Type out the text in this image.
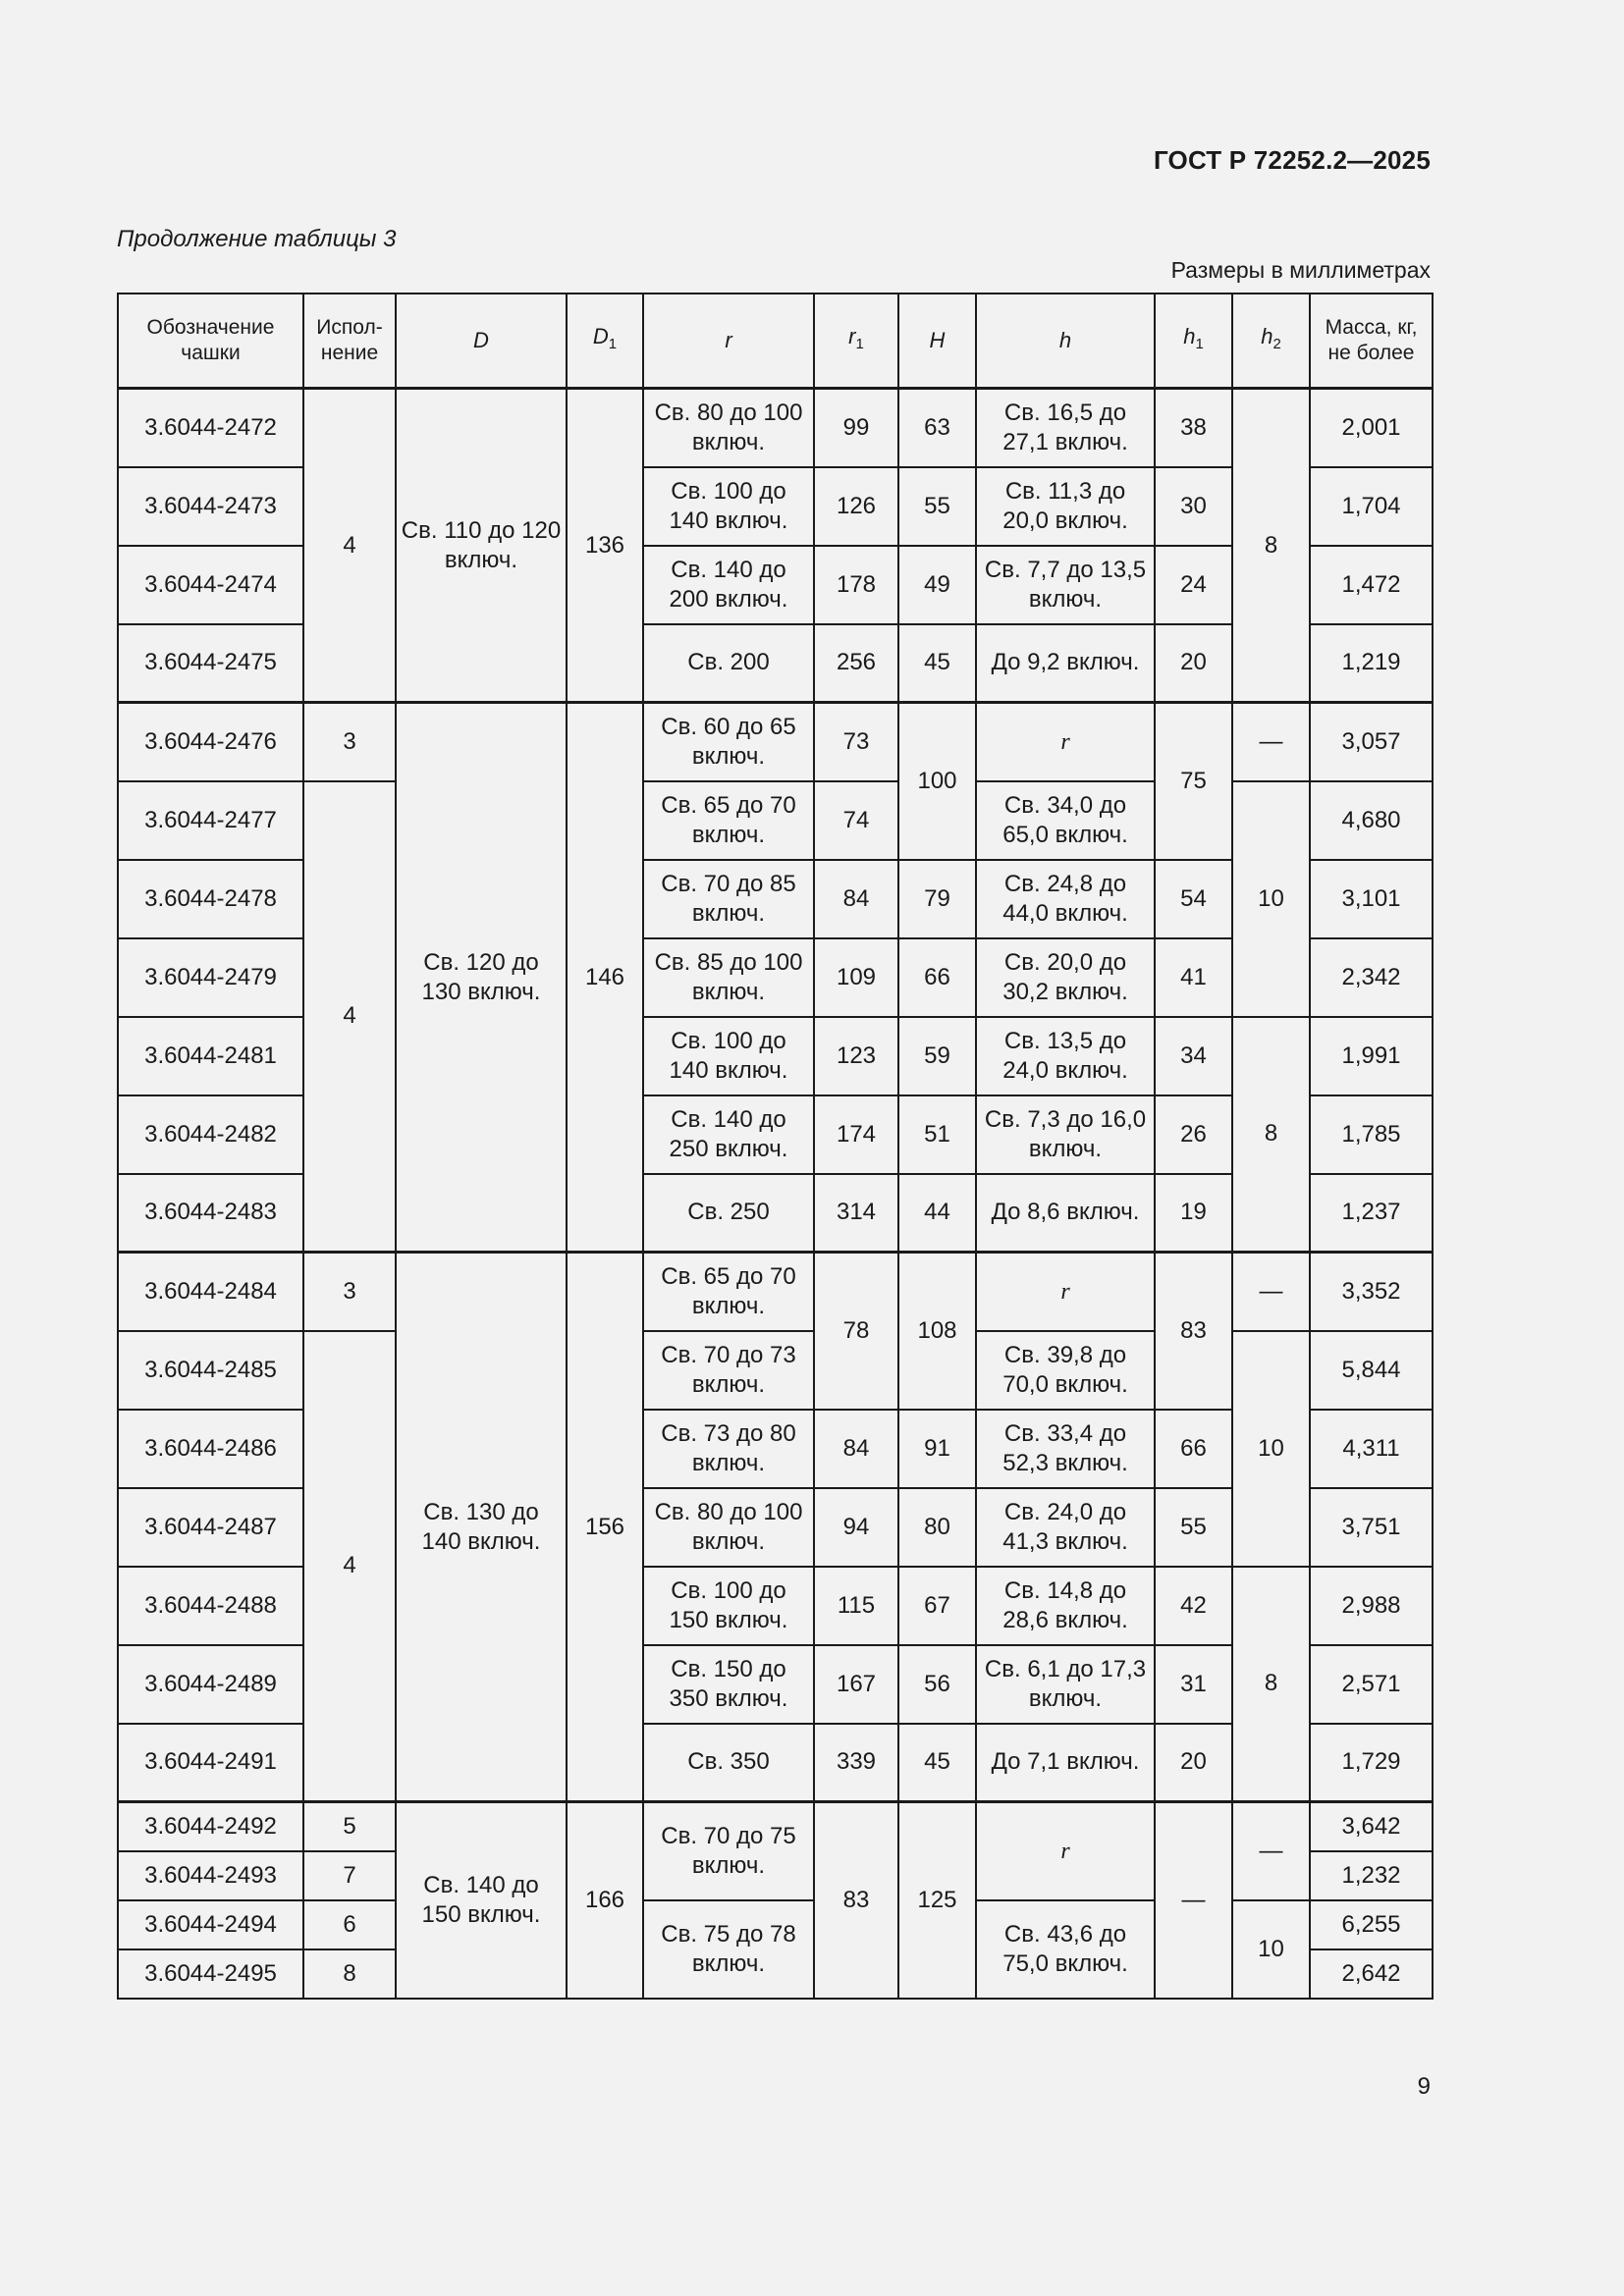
ГОСТ Р 72252.2—2025
Продолжение таблицы 3
Размеры в миллиметрах
Обозначение чашки	Испол-нение	D	$D_1$	r	$r_1$	H	h	$h_1$	$h_2$	Масса, кг, не более
3.6044-2472	4	Св. 110 до 120 включ.	136	Св. 80 до 100 включ.	99	63	Св. 16,5 до 27,1 включ.	38	8	2,001
3.6044-2473				Св. 100 до 140 включ.	126	55	Св. 11,3 до 20,0 включ.	30		1,704
3.6044-2474				Св. 140 до 200 включ.	178	49	Св. 7,7 до 13,5 включ.	24		1,472
3.6044-2475				Св. 200	256	45	До 9,2 включ.	20		1,219
3.6044-2476	3	Св. 120 до 130 включ.	146	Св. 60 до 65 включ.	73	100	r	75	—	3,057
3.6044-2477	4			Св. 65 до 70 включ.	74		Св. 34,0 до 65,0 включ.		10	4,680
3.6044-2478				Св. 70 до 85 включ.	84	79	Св. 24,8 до 44,0 включ.	54		3,101
3.6044-2479				Св. 85 до 100 включ.	109	66	Св. 20,0 до 30,2 включ.	41		2,342
3.6044-2481				Св. 100 до 140 включ.	123	59	Св. 13,5 до 24,0 включ.	34	8	1,991
3.6044-2482				Св. 140 до 250 включ.	174	51	Св. 7,3 до 16,0 включ.	26		1,785
3.6044-2483				Св. 250	314	44	До 8,6 включ.	19		1,237
3.6044-2484	3	Св. 130 до 140 включ.	156	Св. 65 до 70 включ.	78	108	r	83	—	3,352
3.6044-2485	4			Св. 70 до 73 включ.			Св. 39,8 до 70,0 включ.		10	5,844
3.6044-2486				Св. 73 до 80 включ.	84	91	Св. 33,4 до 52,3 включ.	66		4,311
3.6044-2487				Св. 80 до 100 включ.	94	80	Св. 24,0 до 41,3 включ.	55		3,751
3.6044-2488				Св. 100 до 150 включ.	115	67	Св. 14,8 до 28,6 включ.	42	8	2,988
3.6044-2489				Св. 150 до 350 включ.	167	56	Св. 6,1 до 17,3 включ.	31		2,571
3.6044-2491				Св. 350	339	45	До 7,1 включ.	20		1,729
3.6044-2492	5	Св. 140 до 150 включ.	166	Св. 70 до 75 включ.	83	125	r	—	—	3,642
3.6044-2493	7									1,232
3.6044-2494	6			Св. 75 до 78 включ.			Св. 43,6 до 75,0 включ.		10	6,255
3.6044-2495	8									2,642
9
